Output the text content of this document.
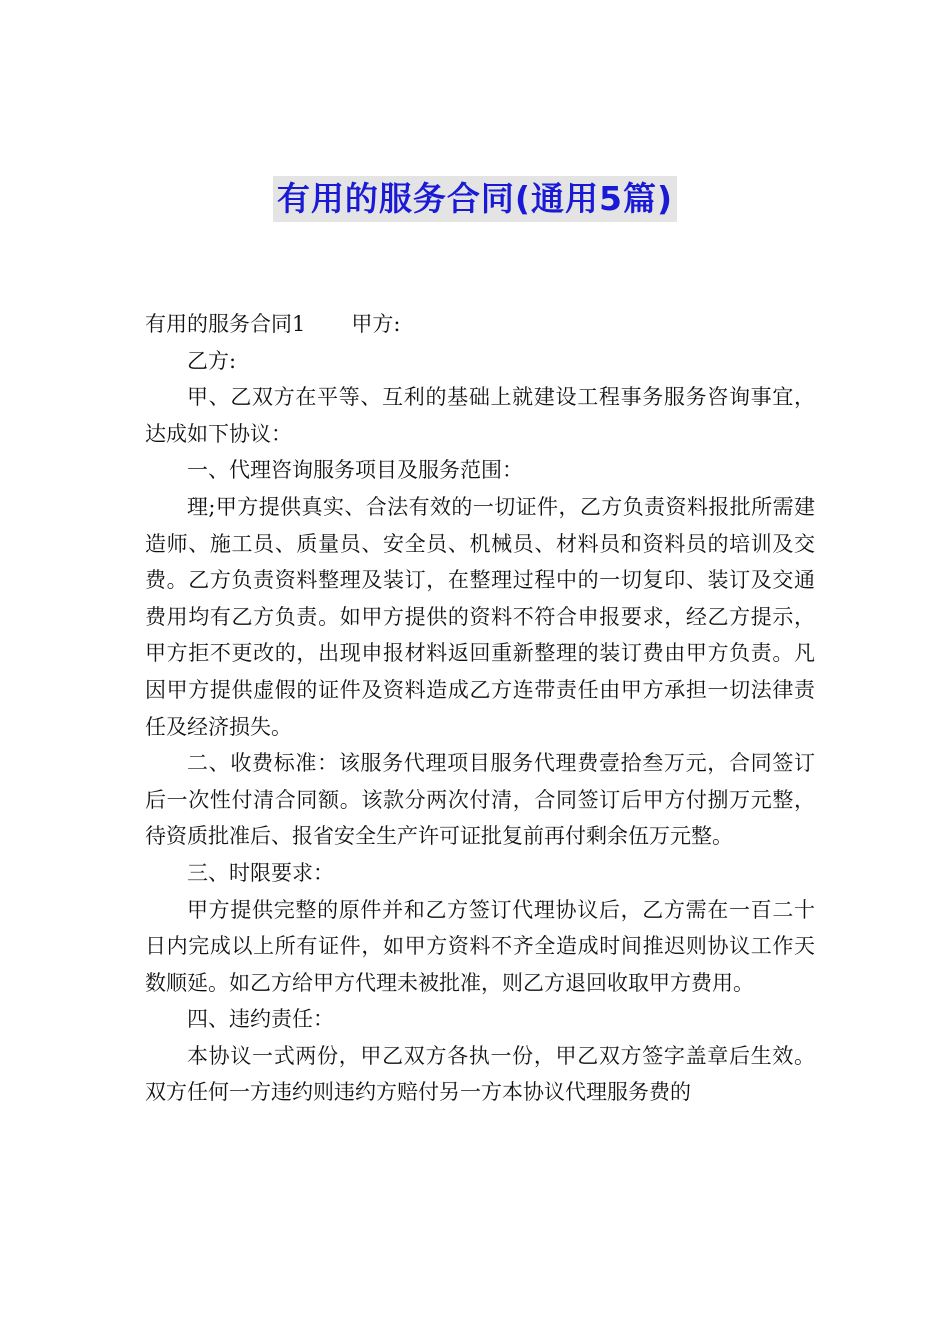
有用的服务合同(通用5篇)

有用的服务合同1 甲方:

乙方:

甲、乙双方在平等、互利的基础上就建设工程事务服务咨询事宜，达成如下协议：

一、代理咨询服务项目及服务范围：

理;甲方提供真实、合法有效的一切证件，乙方负责资料报批所需建造师、施工员、质量员、安全员、机械员、材料员和资料员的培训及交费。乙方负责资料整理及装订，在整理过程中的一切复印、装订及交通费用均有乙方负责。如甲方提供的资料不符合申报要求，经乙方提示，甲方拒不更改的，出现申报材料返回重新整理的装订费由甲方负责。凡因甲方提供虚假的证件及资料造成乙方连带责任由甲方承担一切法律责任及经济损失。

二、收费标准：该服务代理项目服务代理费壹拾叁万元，合同签订后一次性付清合同额。该款分两次付清，合同签订后甲方付捌万元整，待资质批准后、报省安全生产许可证批复前再付剩余伍万元整。

三、时限要求：

甲方提供完整的原件并和乙方签订代理协议后，乙方需在一百二十日内完成以上所有证件，如甲方资料不齐全造成时间推迟则协议工作天数顺延。如乙方给甲方代理未被批准，则乙方退回收取甲方费用。

四、违约责任：

本协议一式两份，甲乙双方各执一份，甲乙双方签字盖章后生效。双方任何一方违约则违约方赔付另一方本协议代理服务费的
